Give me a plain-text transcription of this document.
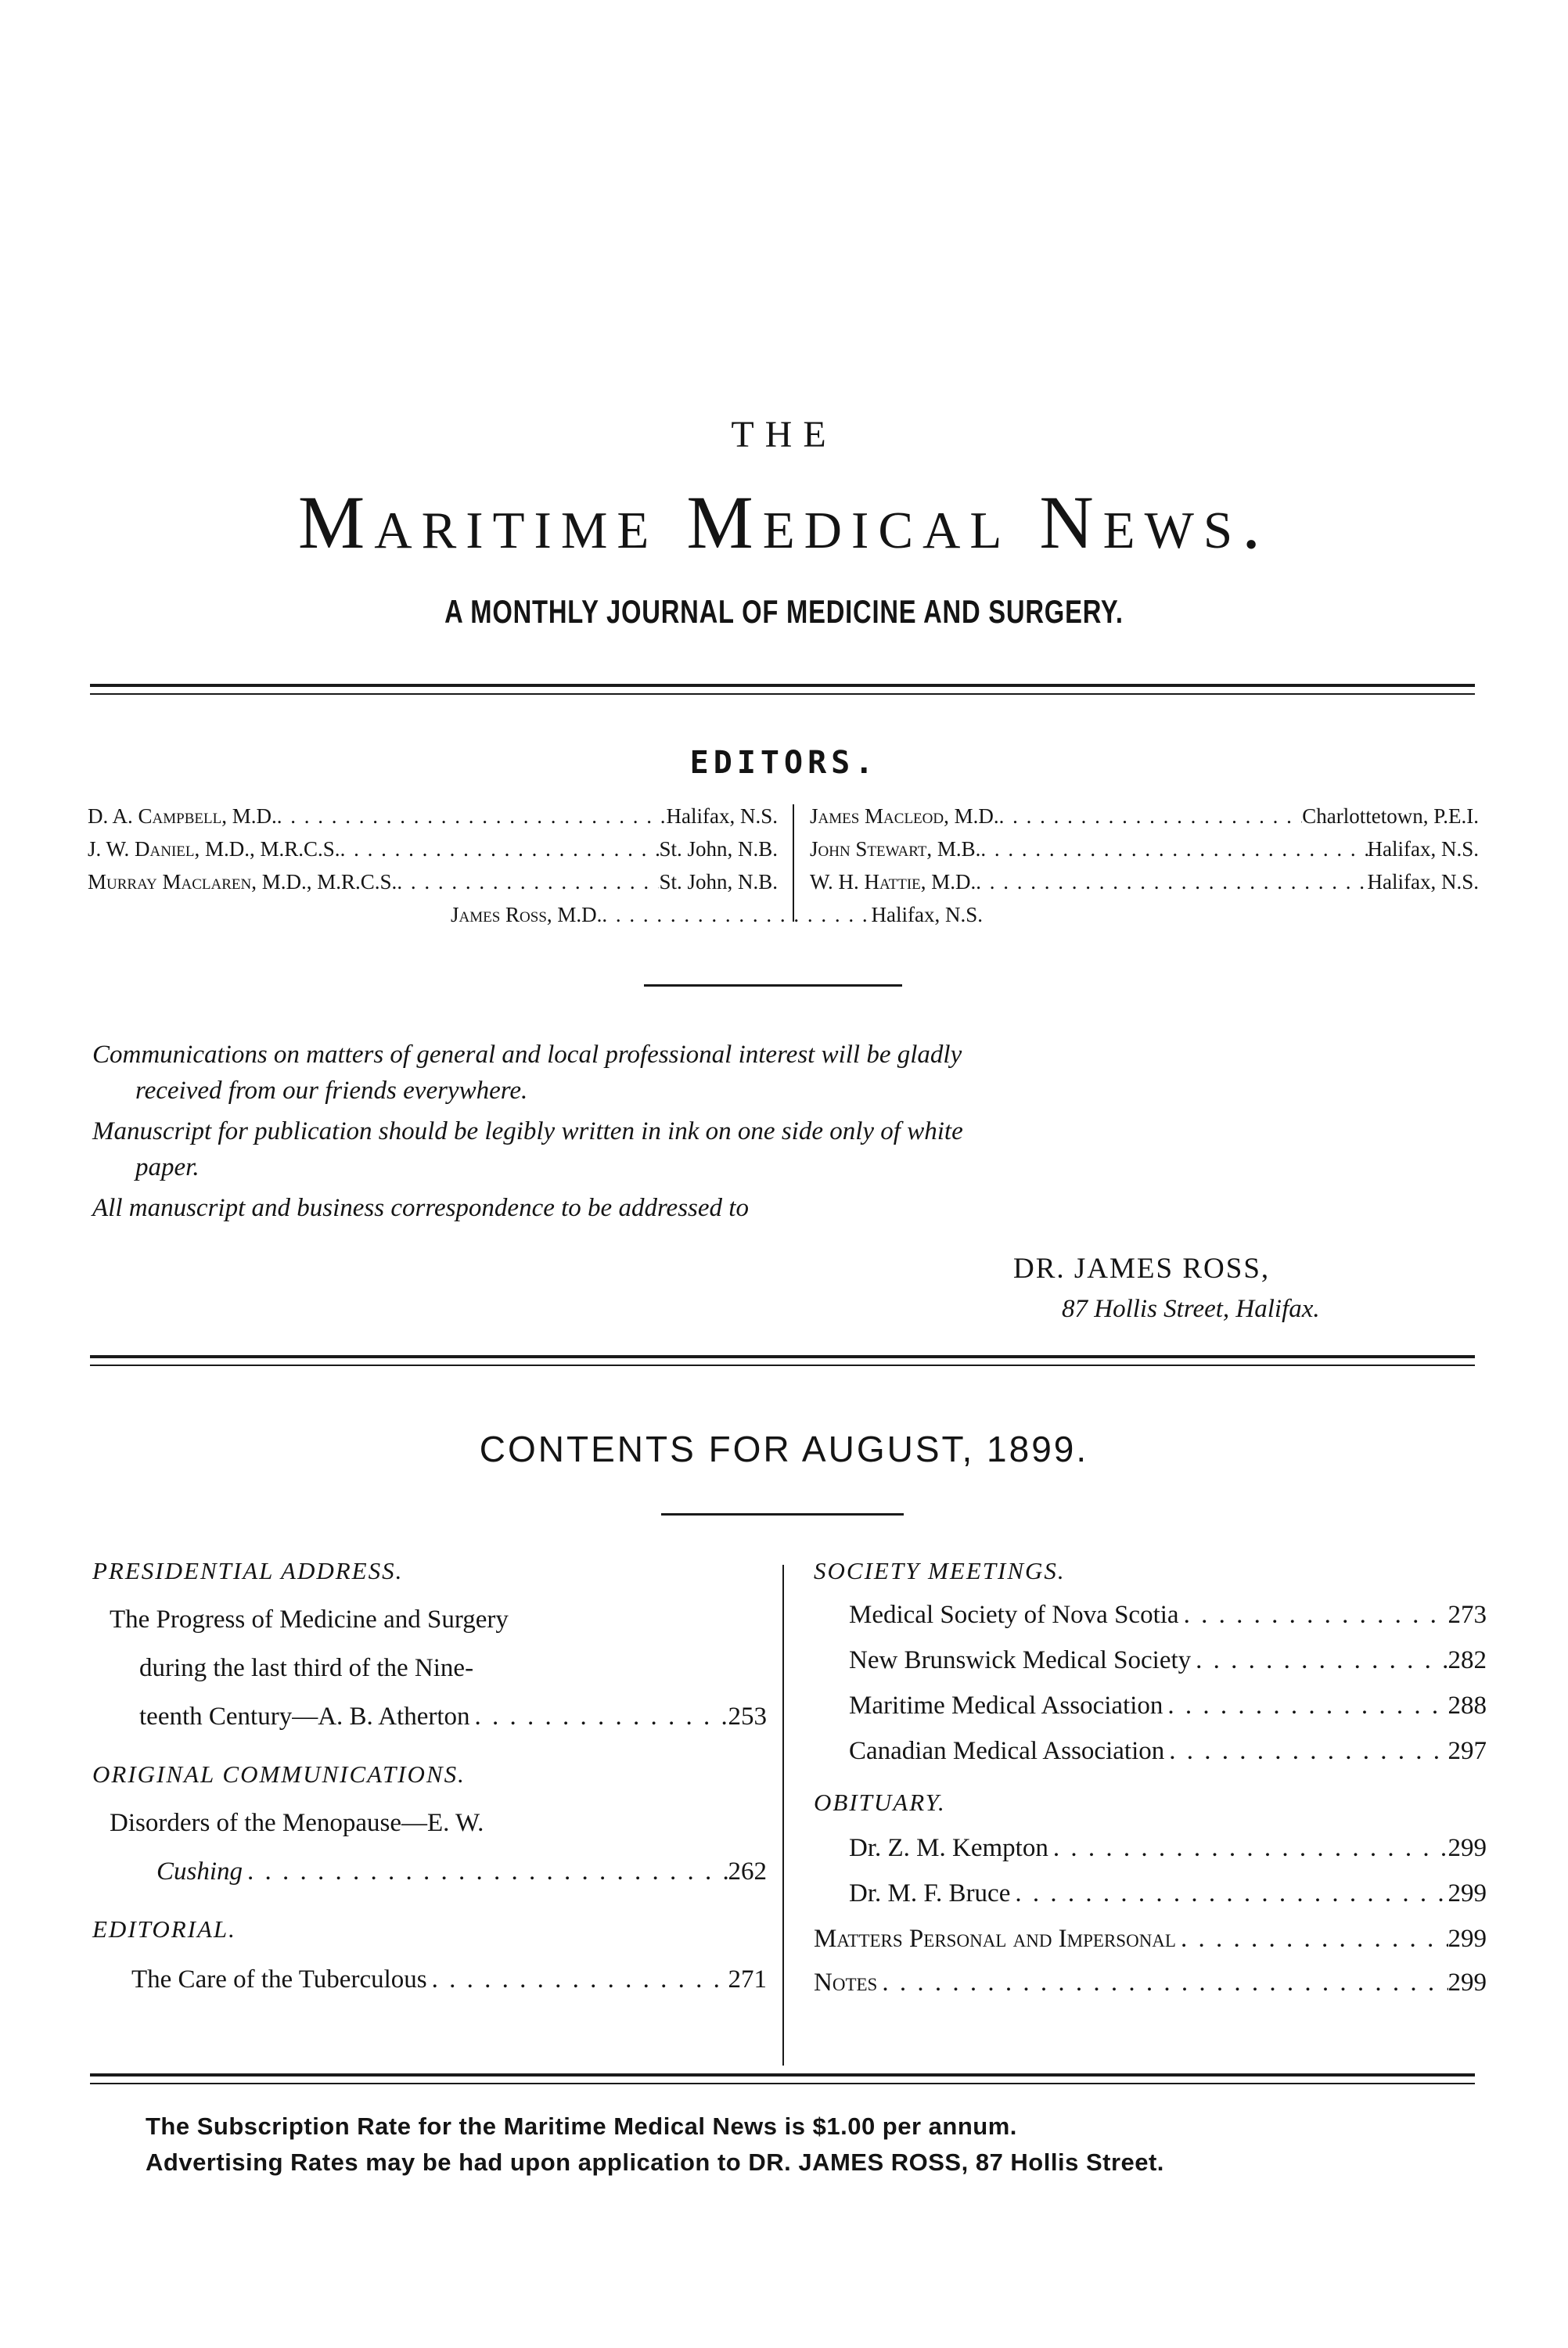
THE
Maritime Medical News.
A MONTHLY JOURNAL OF MEDICINE AND SURGERY.
EDITORS.
D. A. Campbell, M.D. . . .	Halifax, N.S.
J. W. Daniel, M.D., M.R.C.S. . . .	St. John, N.B.
Murray Maclaren, M.D., M.R.C.S. . . .	St. John, N.B.
James Macleod, M.D. . . .	Charlottetown, P.E.I.
John Stewart, M.B. . . .	Halifax, N.S.
W. H. Hattie, M.D. . . .	Halifax, N.S.
James Ross, M.D. . . .	Halifax, N.S.
Communications on matters of general and local professional interest will be gladly
received from our friends everywhere.
Manuscript for publication should be legibly written in ink on one side only of white
paper.
All manuscript and business correspondence to be addressed to
DR. JAMES ROSS,
87 Hollis Street, Halifax.
CONTENTS FOR AUGUST, 1899.
PRESIDENTIAL ADDRESS.
The Progress of Medicine and Surgery
during the last third of the Nine-
teenth Century—A. B. Atherton . . .	253
ORIGINAL COMMUNICATIONS.
Disorders of the Menopause—E. W.
Cushing . . .	262
EDITORIAL.
The Care of the Tuberculous . . .	271
SOCIETY MEETINGS.
Medical Society of Nova Scotia . . .	273
New Brunswick Medical Society . . .	282
Maritime Medical Association . . .	288
Canadian Medical Association . . .	297
OBITUARY.
Dr. Z. M. Kempton . . .	299
Dr. M. F. Bruce . . .	299
Matters Personal and Impersonal . . .	299
Notes . . .	299
The Subscription Rate for the Maritime Medical News is $1.00 per annum.
Advertising Rates may be had upon application to DR. JAMES ROSS, 87 Hollis Street.
